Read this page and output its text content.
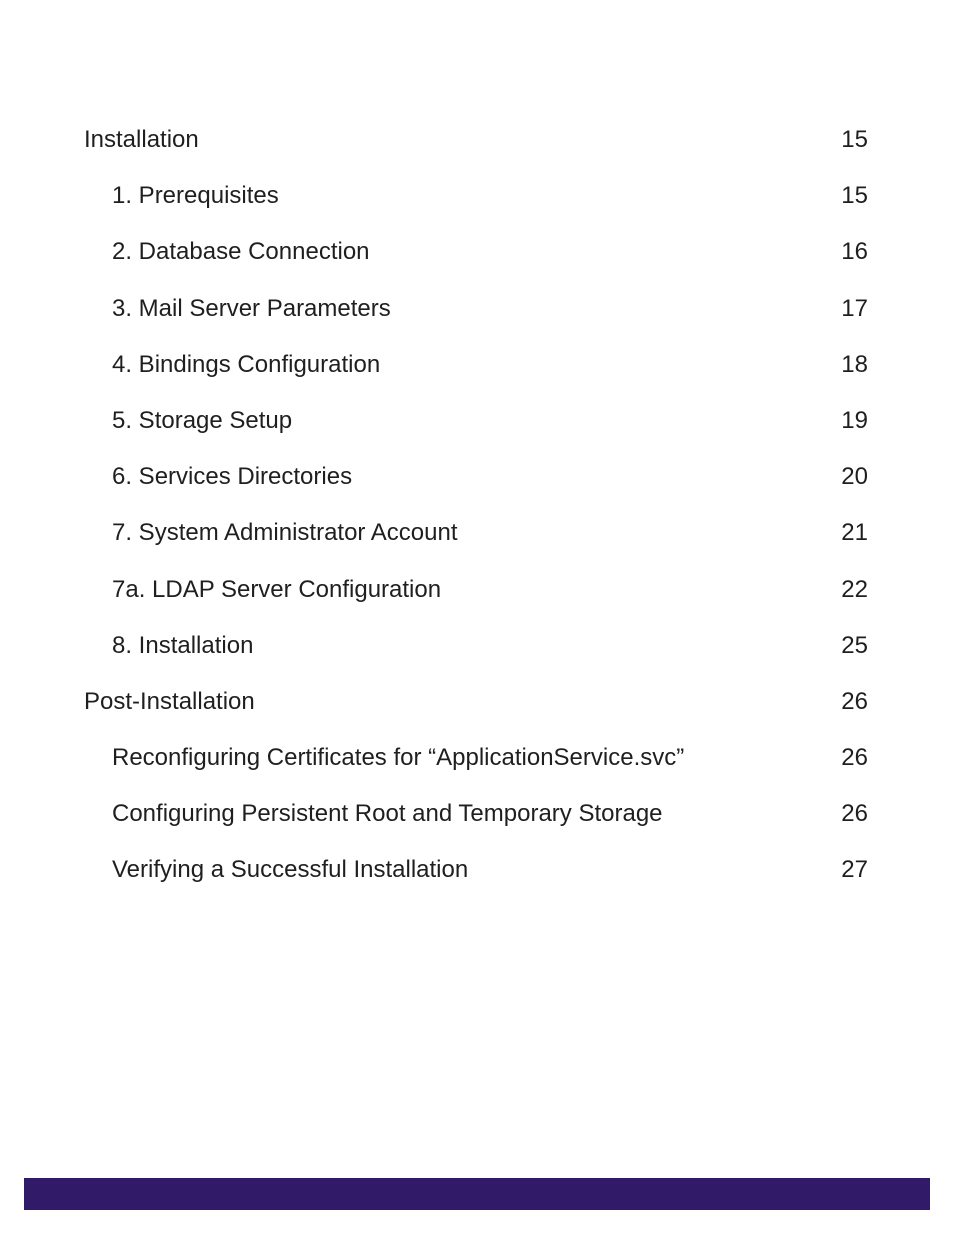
Installation	15
1. Prerequisites	15
2. Database Connection	16
3. Mail Server Parameters	17
4. Bindings Configuration	18
5. Storage Setup	19
6. Services Directories	20
7. System Administrator Account	21
7a. LDAP Server Configuration	22
8. Installation	25
Post-Installation	26
Reconfiguring Certificates for “ApplicationService.svc”	26
Configuring Persistent Root and Temporary Storage	26
Verifying a Successful Installation	27
